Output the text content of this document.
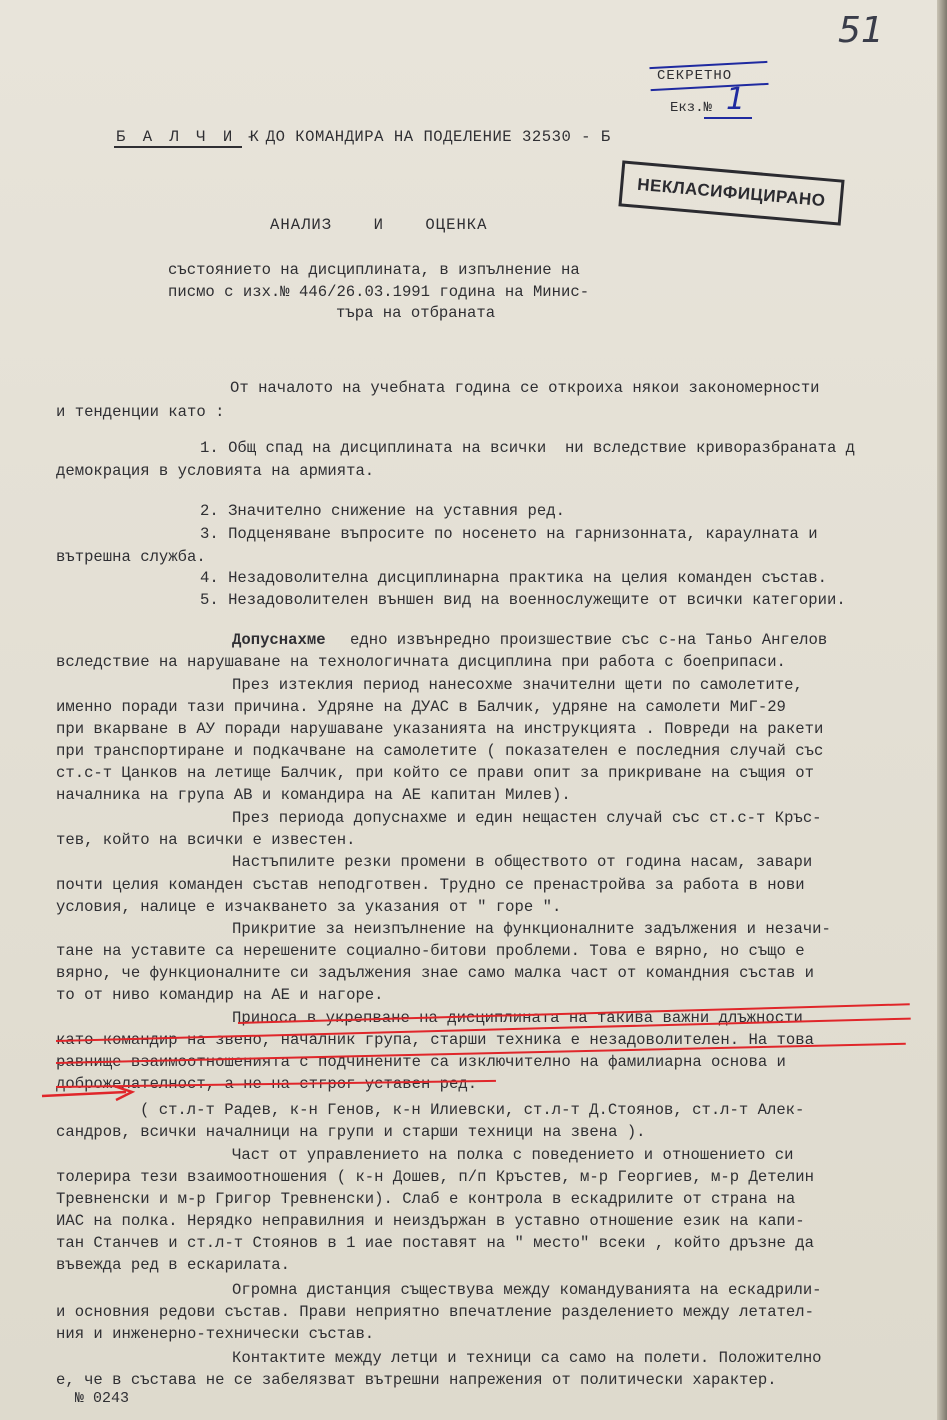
51
СЕКРЕТНО
Екз.№ 1
НЕКЛАСИФИЦИРАНО
Б А Л Ч И К
- ДО КОМАНДИРА НА ПОДЕЛЕНИЕ 32530 - Б
АНАЛИЗ    И    ОЦЕНКА
състоянието на дисциплината, в изпълнение на
писмо с изх.№ 446/26.03.1991 година на Минис-
търа на отбраната
От началото на учебната година се откроиха някои закономерности
и тенденции като :
1. Общ спад на дисциплината на всички  ни вследствие криворазбраната д
демокрация в условията на армията.
2. Значително снижение на уставния ред.
3. Подценяване въпросите по носенето на гарнизонната, караулната и
вътрешна служба.
4. Незадоволителна дисциплинарна практика на целия команден състав.
5. Незадоволителен външен вид на военнослужещите от всички категории.
Допуснахме едно извънредно произшествие със с-на Таньо Ангелов
вследствие на нарушаване на технологичната дисциплина при работа с боеприпаси.
През изтеклия период нанесохме значителни щети по самолетите,
именно поради тази причина. Удряне на ДУАС в Балчик, удряне на самолети МиГ-29
при вкарване в АУ поради нарушаване указанията на инструкцията . Повреди на ракети
при транспортиране и подкачване на самолетите ( показателен е последния случай със
ст.с-т Цанков на летище Балчик, при който се прави опит за прикриване на същия от
началника на група АВ и командира на АЕ капитан Милев).
През периода допуснахме и един нещастен случай със ст.с-т Кръс-
тев, който на всички е известен.
Настъпилите резки промени в обществото от година насам, завари
почти целия команден състав неподготвен. Трудно се пренастройва за работа в нови
условия, налице е изчакването за указания от " горе ".
Прикритие за неизпълнение на функционалните задължения и незачи-
тане на уставите са нерешените социално-битови проблеми. Това е вярно, но също е
вярно, че функционалните си задължения знае само малка част от командния състав и
то от ниво командир на АЕ и нагоре.
Приноса в укрепване на дисциплината на такива важни длъжности
като командир на звено, началник група, старши техника е незадоволителен. На това
равнище взаимоотношенията с подчинените са изключително на фамилиарна основа и
доброжелателност, а не на стгрог уставен ред.
( ст.л-т Радев, к-н Генов, к-н Илиевски, ст.л-т Д.Стоянов, ст.л-т Алек-
сандров, всички началници на групи и старши техници на звена ).
Част от управлението на полка с поведението и отношението си
толерира тези взаимоотношения ( к-н Дошев, п/п Кръстев, м-р Георгиев, м-р Детелин
Тревненски и м-р Григор Тревненски). Слаб е контрола в ескадрилите от страна на
ИАС на полка. Нерядко неправилния и неиздържан в уставно отношение език на капи-
тан Станчев и ст.л-т Стоянов в 1 иае поставят на " место" всеки , който дръзне да
въвежда ред в ескарилата.
Огромна дистанция съществува между командуванията на ескадрили-
и основния редови състав. Прави неприятно впечатление разделението между летател-
ния и инженерно-технически състав.
Контактите между летци и техници са само на полети. Положително
е, че в състава не се забелязват вътрешни напрежения от политически характер.
№ 0243
